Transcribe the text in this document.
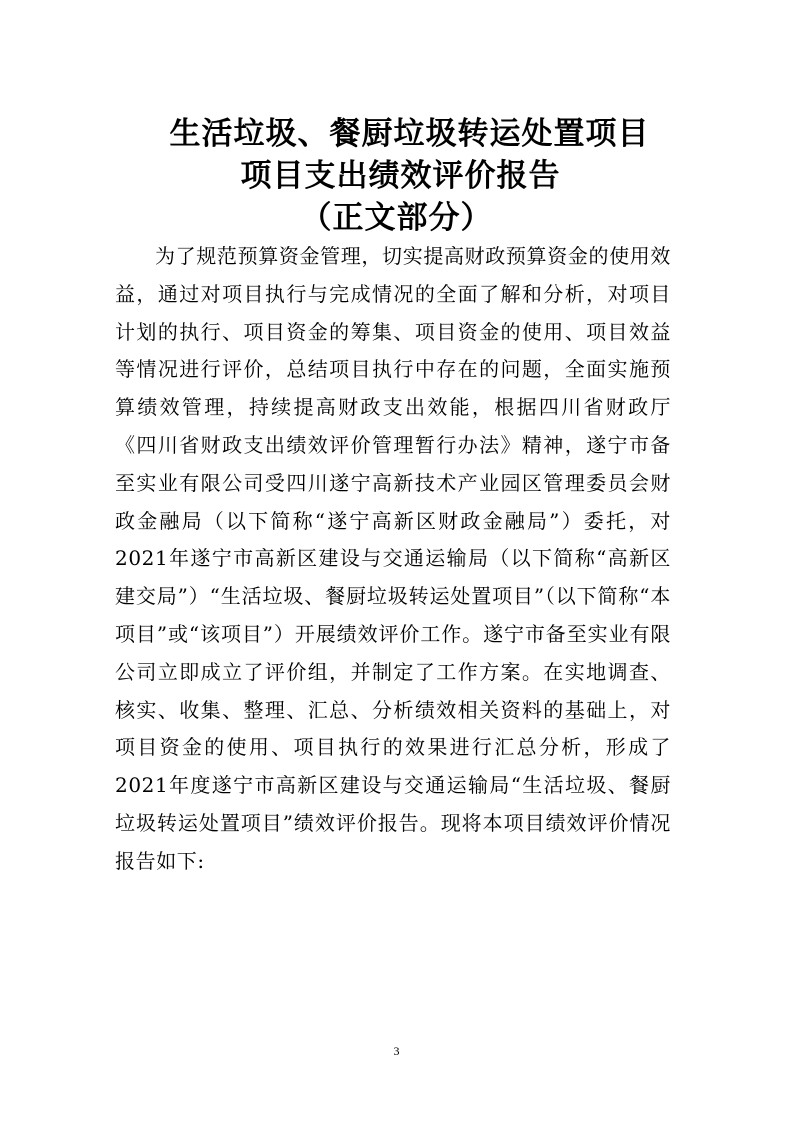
生活垃圾、餐厨垃圾转运处置项目
项目支出绩效评价报告
（正文部分）
为了规范预算资金管理，切实提高财政预算资金的使用效益，通过对项目执行与完成情况的全面了解和分析，对项目计划的执行、项目资金的筹集、项目资金的使用、项目效益等情况进行评价，总结项目执行中存在的问题，全面实施预算绩效管理，持续提高财政支出效能，根据四川省财政厅《四川省财政支出绩效评价管理暂行办法》精神，遂宁市备至实业有限公司受四川遂宁高新技术产业园区管理委员会财政金融局（以下简称“遂宁高新区财政金融局”）委托，对2021年遂宁市高新区建设与交通运输局（以下简称“高新区建交局”）“生活垃圾、餐厨垃圾转运处置项目”（以下简称“本项目”或“该项目”）开展绩效评价工作。遂宁市备至实业有限公司立即成立了评价组，并制定了工作方案。在实地调查、核实、收集、整理、汇总、分析绩效相关资料的基础上，对项目资金的使用、项目执行的效果进行汇总分析，形成了2021年度遂宁市高新区建设与交通运输局“生活垃圾、餐厨垃圾转运处置项目”绩效评价报告。现将本项目绩效评价情况报告如下:
3
